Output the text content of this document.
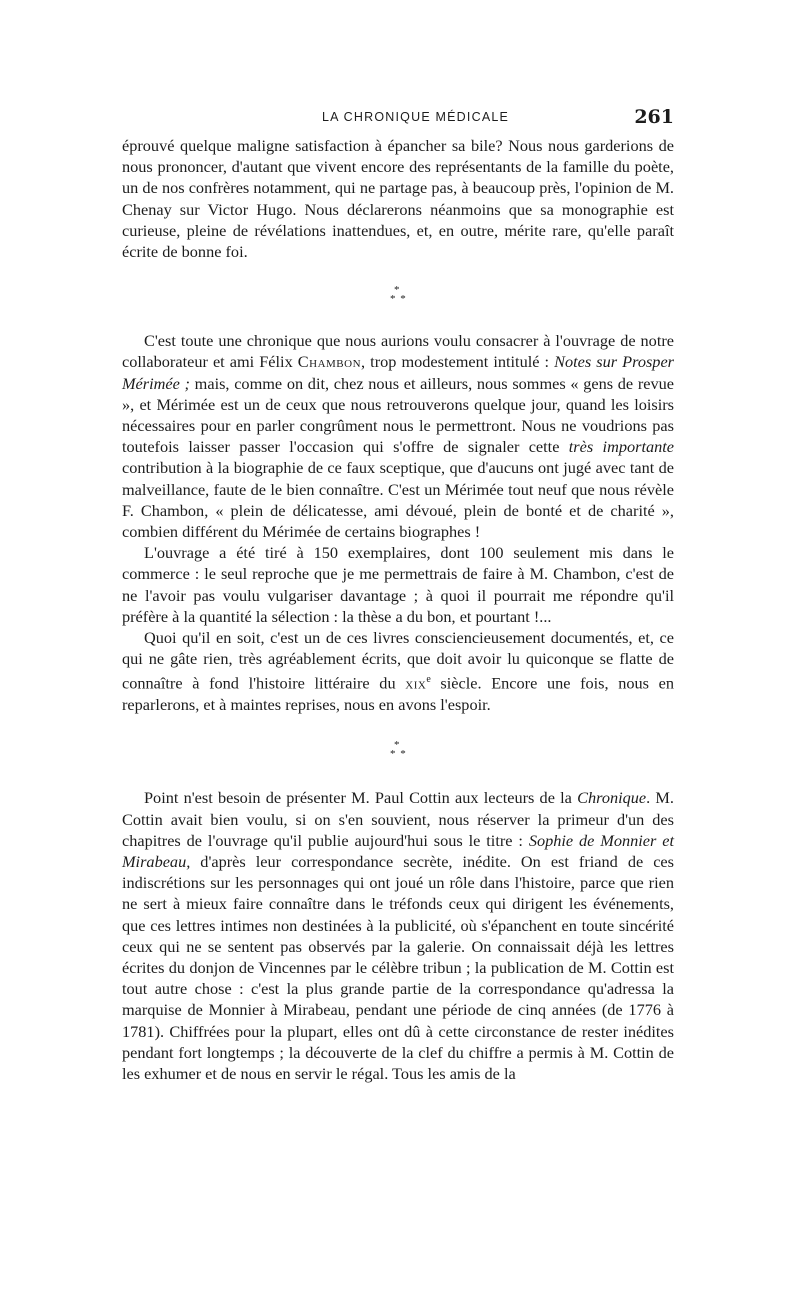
LA CHRONIQUE MÉDICALE	261

éprouvé quelque maligne satisfaction à épancher sa bile? Nous nous garderions de nous prononcer, d'autant que vivent encore des représentants de la famille du poète, un de nos confrères notamment, qui ne partage pas, à beaucoup près, l'opinion de M. Chenay sur Victor Hugo. Nous déclarerons néanmoins que sa monographie est curieuse, pleine de révélations inattendues, et, en outre, mérite rare, qu'elle paraît écrite de bonne foi.

*
* *

C'est toute une chronique que nous aurions voulu consacrer à l'ouvrage de notre collaborateur et ami Félix Chambon, trop modestement intitulé : Notes sur Prosper Mérimée ; mais, comme on dit, chez nous et ailleurs, nous sommes « gens de revue », et Mérimée est un de ceux que nous retrouverons quelque jour, quand les loisirs nécessaires pour en parler congrûment nous le permettront. Nous ne voudrions pas toutefois laisser passer l'occasion qui s'offre de signaler cette très importante contribution à la biographie de ce faux sceptique, que d'aucuns ont jugé avec tant de malveillance, faute de le bien connaître. C'est un Mérimée tout neuf que nous révèle F. Chambon, « plein de délicatesse, ami dévoué, plein de bonté et de charité », combien différent du Mérimée de certains biographes !

L'ouvrage a été tiré à 150 exemplaires, dont 100 seulement mis dans le commerce : le seul reproche que je me permettrais de faire à M. Chambon, c'est de ne l'avoir pas voulu vulgariser davantage ; à quoi il pourrait me répondre qu'il préfère à la quantité la sélection : la thèse a du bon, et pourtant !...

Quoi qu'il en soit, c'est un de ces livres consciencieusement documentés, et, ce qui ne gâte rien, très agréablement écrits, que doit avoir lu quiconque se flatte de connaître à fond l'histoire littéraire du xix$^e$ siècle. Encore une fois, nous en reparlerons, et à maintes reprises, nous en avons l'espoir.

*
* *

Point n'est besoin de présenter M. Paul Cottin aux lecteurs de la Chronique. M. Cottin avait bien voulu, si on s'en souvient, nous réserver la primeur d'un des chapitres de l'ouvrage qu'il publie aujourd'hui sous le titre : Sophie de Monnier et Mirabeau, d'après leur correspondance secrète, inédite. On est friand de ces indiscrétions sur les personnages qui ont joué un rôle dans l'histoire, parce que rien ne sert à mieux faire connaître dans le tréfonds ceux qui dirigent les événements, que ces lettres intimes non destinées à la publicité, où s'épanchent en toute sincérité ceux qui ne se sentent pas observés par la galerie. On connaissait déjà les lettres écrites du donjon de Vincennes par le célèbre tribun ; la publication de M. Cottin est tout autre chose : c'est la plus grande partie de la correspondance qu'adressa la marquise de Monnier à Mirabeau, pendant une période de cinq années (de 1776 à 1781). Chiffrées pour la plupart, elles ont dû à cette circonstance de rester inédites pendant fort longtemps ; la découverte de la clef du chiffre a permis à M. Cottin de les exhumer et de nous en servir le régal. Tous les amis de la
